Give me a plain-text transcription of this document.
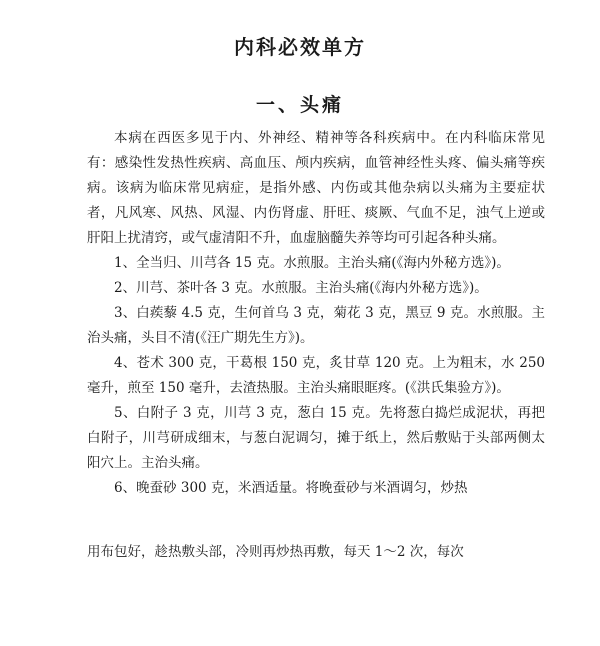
内科必效单方
一、头痛

本病在西医多见于内、外神经、精神等各科疾病中。在内科临床常见有：感染性发热性疾病、高血压、颅内疾病，血管神经性头疼、偏头痛等疾病。该病为临床常见病症，是指外感、内伤或其他杂病以头痛为主要症状者，凡风寒、风热、风湿、内伤肾虚、肝旺、痰厥、气血不足，浊气上逆或肝阳上扰清窍，或气虚清阳不升，血虚脑髓失养等均可引起各种头痛。

1、全当归、川芎各 15 克。水煎服。主治头痛(《海内外秘方选》)。

2、川芎、茶叶各 3 克。水煎服。主治头痛(《海内外秘方选》)。

3、白蒺藜 4.5 克，生何首乌 3 克，菊花 3 克，黑豆 9 克。水煎服。主治头痛，头目不清(《汪广期先生方》)。

4、苍术 300 克，干葛根 150 克，炙甘草 120 克。上为粗末，水 250 毫升，煎至 150 毫升，去渣热服。主治头痛眼眶疼。(《洪氏集验方》)。

5、白附子 3 克，川芎 3 克，葱白 15 克。先将葱白捣烂成泥状，再把白附子，川芎研成细末，与葱白泥调匀，摊于纸上，然后敷贴于头部两侧太阳穴上。主治头痛。

6、晚蚕砂 300 克，米酒适量。将晚蚕砂与米酒调匀，炒热

用布包好，趁热敷头部，冷则再炒热再敷，每天 1～2 次，每次
